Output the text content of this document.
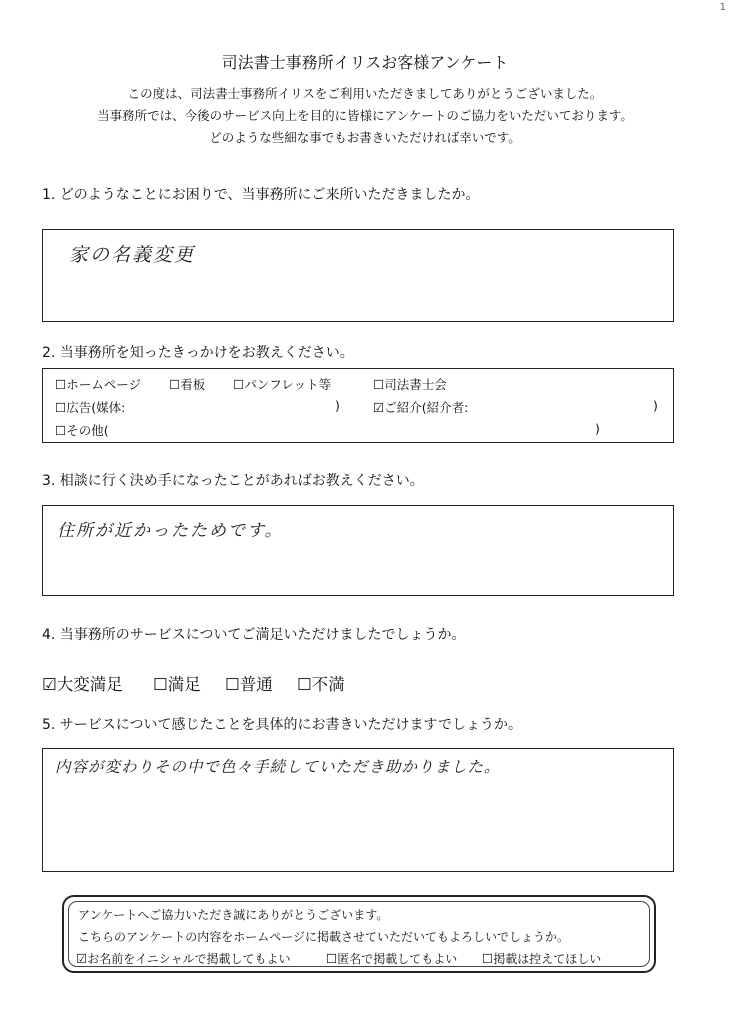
1
司法書士事務所イリスお客様アンケート
この度は、司法書士事務所イリスをご利用いただきましてありがとうございました。
当事務所では、今後のサービス向上を目的に皆様にアンケートのご協力をいただいております。
どのような些細な事でもお書きいただければ幸いです。
1. どのようなことにお困りで、当事務所にご来所いただきましたか。
家の名義変更
2. 当事務所を知ったきっかけをお教えください。
☐ホームページ ☐看板 ☐パンフレット等	☐司法書士会
☐広告(媒体:	)	☑ご紹介(紹介者:	)
☐その他(	)
3. 相談に行く決め手になったことがあればお教えください。
住所が近かったためです。
4. 当事務所のサービスについてご満足いただけましたでしょうか。
☑大変満足 ☐満足 ☐普通 ☐不満
5. サービスについて感じたことを具体的にお書きいただけますでしょうか。
内容が変わりその中で色々手続していただき助かりました。
アンケートへご協力いただき誠にありがとうございます。
こちらのアンケートの内容をホームページに掲載させていただいてもよろしいでしょうか。
☑お名前をイニシャルで掲載してもよい	☐匿名で掲載してもよい ☐掲載は控えてほしい
